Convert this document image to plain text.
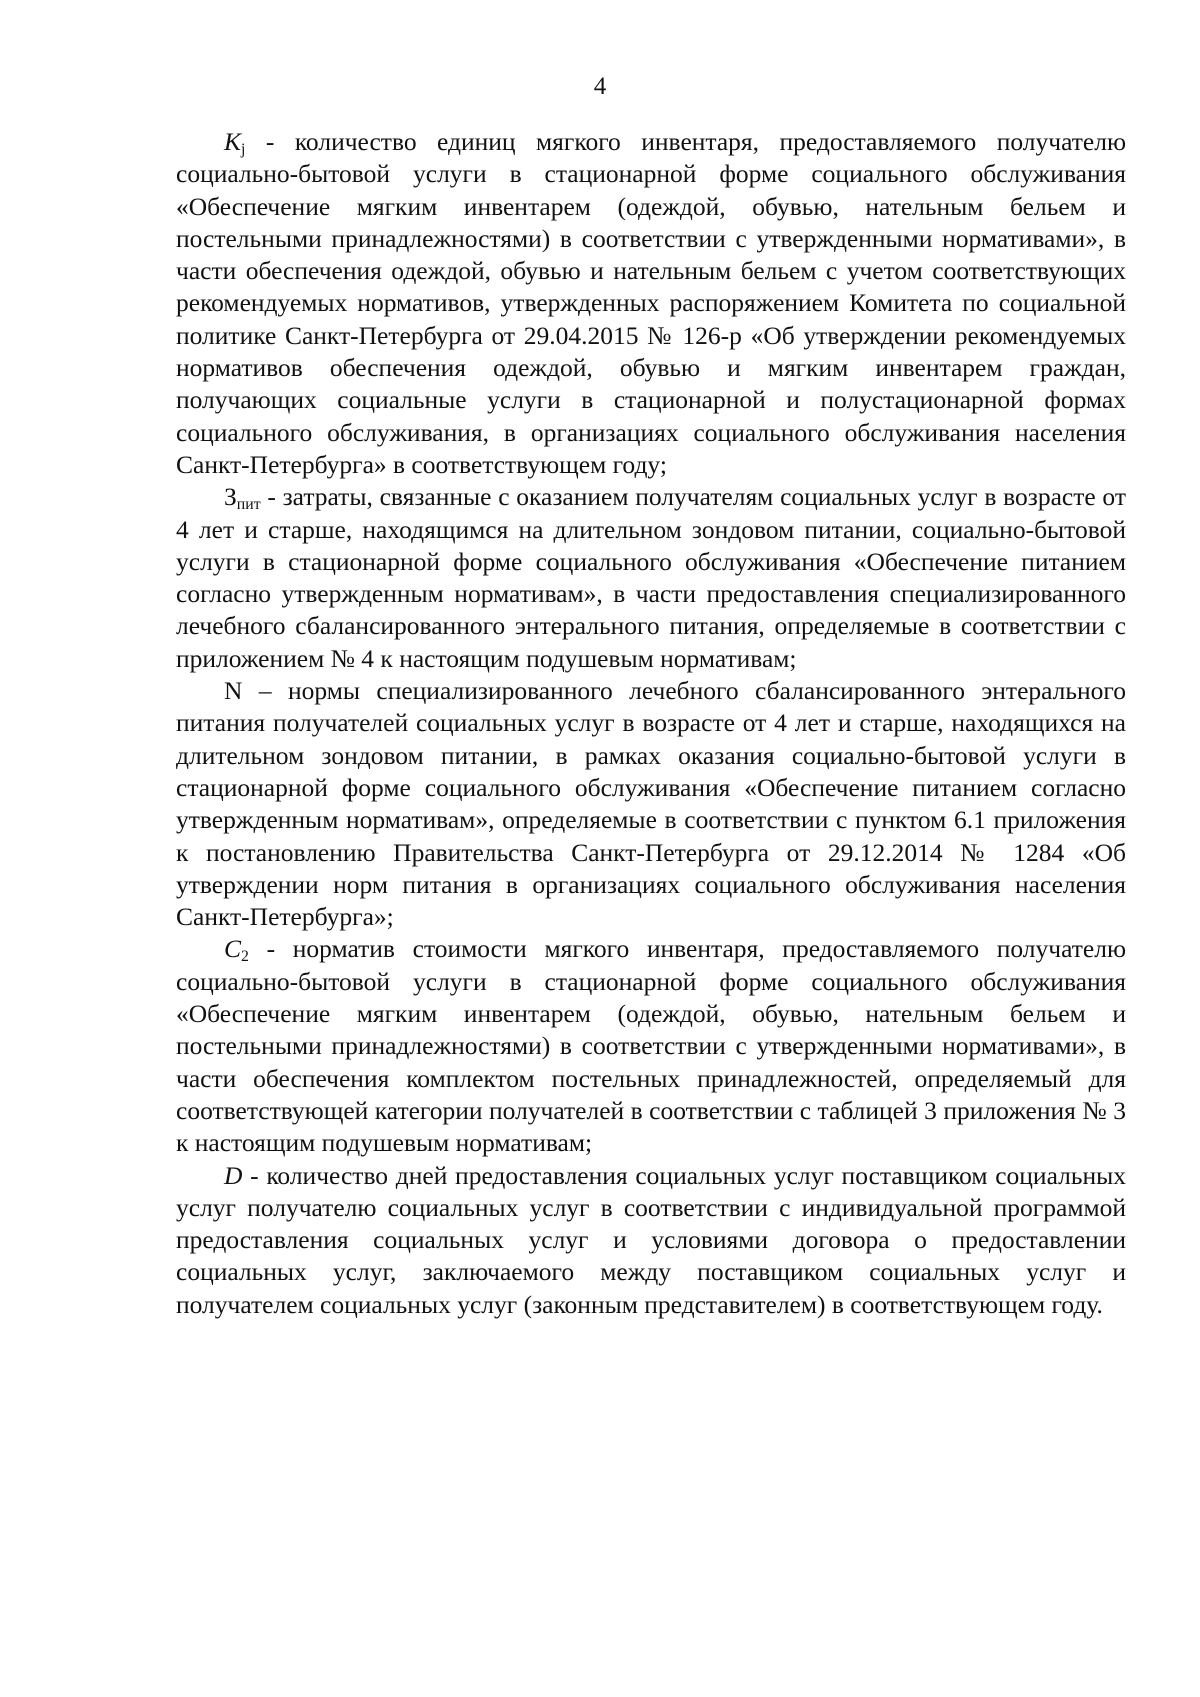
4

$K_j$ - количество единиц мягкого инвентаря, предоставляемого получателю социально-бытовой услуги в стационарной форме социального обслуживания «Обеспечение мягким инвентарем (одеждой, обувью, нательным бельем и постельными принадлежностями) в соответствии с утвержденными нормативами», в части обеспечения одеждой, обувью и нательным бельем с учетом соответствующих рекомендуемых нормативов, утвержденных распоряжением Комитета по социальной политике Санкт-Петербурга от 29.04.2015 № 126-р «Об утверждении рекомендуемых нормативов обеспечения одеждой, обувью и мягким инвентарем граждан, получающих социальные услуги в стационарной и полустационарной формах социального обслуживания, в организациях социального обслуживания населения Санкт-Петербурга» в соответствующем году;

$З_{пит}$ - затраты, связанные с оказанием получателям социальных услуг в возрасте от 4 лет и старше, находящимся на длительном зондовом питании, социально-бытовой услуги в стационарной форме социального обслуживания «Обеспечение питанием согласно утвержденным нормативам», в части предоставления специализированного лечебного сбалансированного энтерального питания, определяемые в соответствии с приложением № 4 к настоящим подушевым нормативам;

N – нормы специализированного лечебного сбалансированного энтерального питания получателей социальных услуг в возрасте от 4 лет и старше, находящихся на длительном зондовом питании, в рамках оказания социально-бытовой услуги в стационарной форме социального обслуживания «Обеспечение питанием согласно утвержденным нормативам», определяемые в соответствии с пунктом 6.1 приложения к постановлению Правительства Санкт-Петербурга от 29.12.2014 № 1284 «Об утверждении норм питания в организациях социального обслуживания населения Санкт-Петербурга»;

$C_2$ - норматив стоимости мягкого инвентаря, предоставляемого получателю социально-бытовой услуги в стационарной форме социального обслуживания «Обеспечение мягким инвентарем (одеждой, обувью, нательным бельем и постельными принадлежностями) в соответствии с утвержденными нормативами», в части обеспечения комплектом постельных принадлежностей, определяемый для соответствующей категории получателей в соответствии с таблицей 3 приложения № 3 к настоящим подушевым нормативам;

D - количество дней предоставления социальных услуг поставщиком социальных услуг получателю социальных услуг в соответствии с индивидуальной программой предоставления социальных услуг и условиями договора о предоставлении социальных услуг, заключаемого между поставщиком социальных услуг и получателем социальных услуг (законным представителем) в соответствующем году.
